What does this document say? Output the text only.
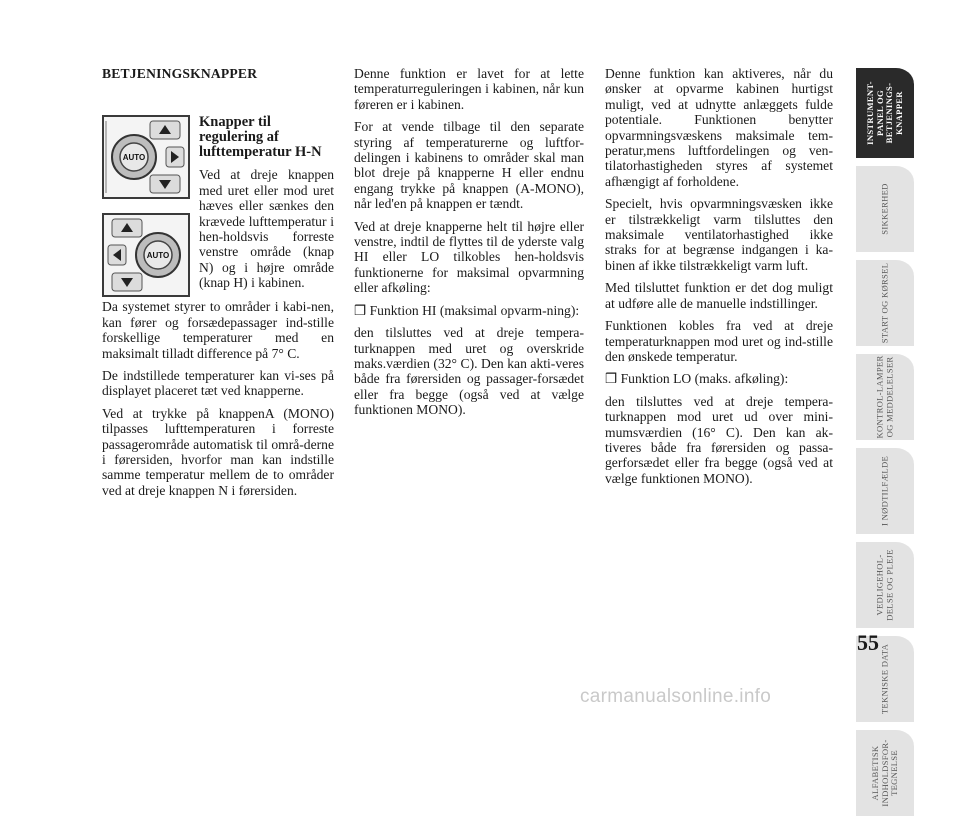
BETJENINGSKNAPPER
AUTO
AUTO

Knapper til regulering af lufttemperatur H-N

Ved at dreje knappen med uret eller mod uret hæves eller sænkes den krævede lufttemperatur i hen-holdsvis forreste venstre område (knap N) og i højre område (knap H) i kabinen.

Da systemet styrer to områder i kabi-nen, kan fører og forsædepassager ind-stille forskellige temperaturer med en maksimalt tilladt difference på 7° C.

De indstillede temperaturer kan vi-ses på displayet placeret tæt ved knapperne.

Ved at trykke på knappenA (MONO) tilpasses lufttemperaturen i forreste passagerområde automatisk til områ-derne i førersiden, hvorfor man kan indstille samme temperatur mellem de to områder ved at dreje knappen N i førersiden.

Denne funktion er lavet for at lette temperaturreguleringen i kabinen, når kun føreren er i kabinen.

For at vende tilbage til den separate styring af temperaturerne og luftfor-delingen i kabinens to områder skal man blot dreje på knapperne H eller endnu engang trykke på knappen (A-MONO), når led'en på knappen er tændt.

Ved at dreje knapperne helt til højre eller venstre, indtil de flyttes til de yderste valg HI eller LO tilkobles hen-holdsvis funktionerne for maksimal opvarmning eller afkøling:

❒ Funktion HI (maksimal opvarm-ning):

den tilsluttes ved at dreje tempera-turknappen med uret og overskride maks.værdien (32° C). Den kan akti-veres både fra førersiden og passager-forsædet eller fra begge (også ved at vælge funktionen MONO).

Denne funktion kan aktiveres, når du ønsker at opvarme kabinen hurtigst muligt, ved at udnytte anlæggets fulde potentiale. Funktionen benytter opvarmningsvæskens maksimale tem-peratur,mens luftfordelingen og ven-tilatorhastigheden styres af systemet afhængigt af forholdene.

Specielt, hvis opvarmningsvæsken ikke er tilstrækkeligt varm tilsluttes den maksimale ventilatorhastighed ikke straks for at begrænse indgangen i ka-binen af ikke tilstrækkeligt varm luft.

Med tilsluttet funktion er det dog muligt at udføre alle de manuelle indstillinger.

Funktionen kobles fra ved at dreje temperaturknappen mod uret og ind-stille den ønskede temperatur.

❒ Funktion LO (maks. afkøling):

den tilsluttes ved at dreje tempera-turknappen mod uret ud over mini-mumsværdien (16° C). Den kan ak-tiveres både fra førersiden og passa-gerforsædet eller fra begge (også ved at vælge funktionen MONO).

INSTRUMENT-PANEL OG BETJENINGS-KNAPPER
SIKKERHED
START OG KØRSEL
KONTROL-LAMPER OG MEDDELELSER
I NØDTILFÆLDE
VEDLIGEHOL-DELSE OG PLEJE
TEKNISKE DATA
ALFABETISK INDHOLDSFOR-TEGNELSE
55
carmanualsonline.info
